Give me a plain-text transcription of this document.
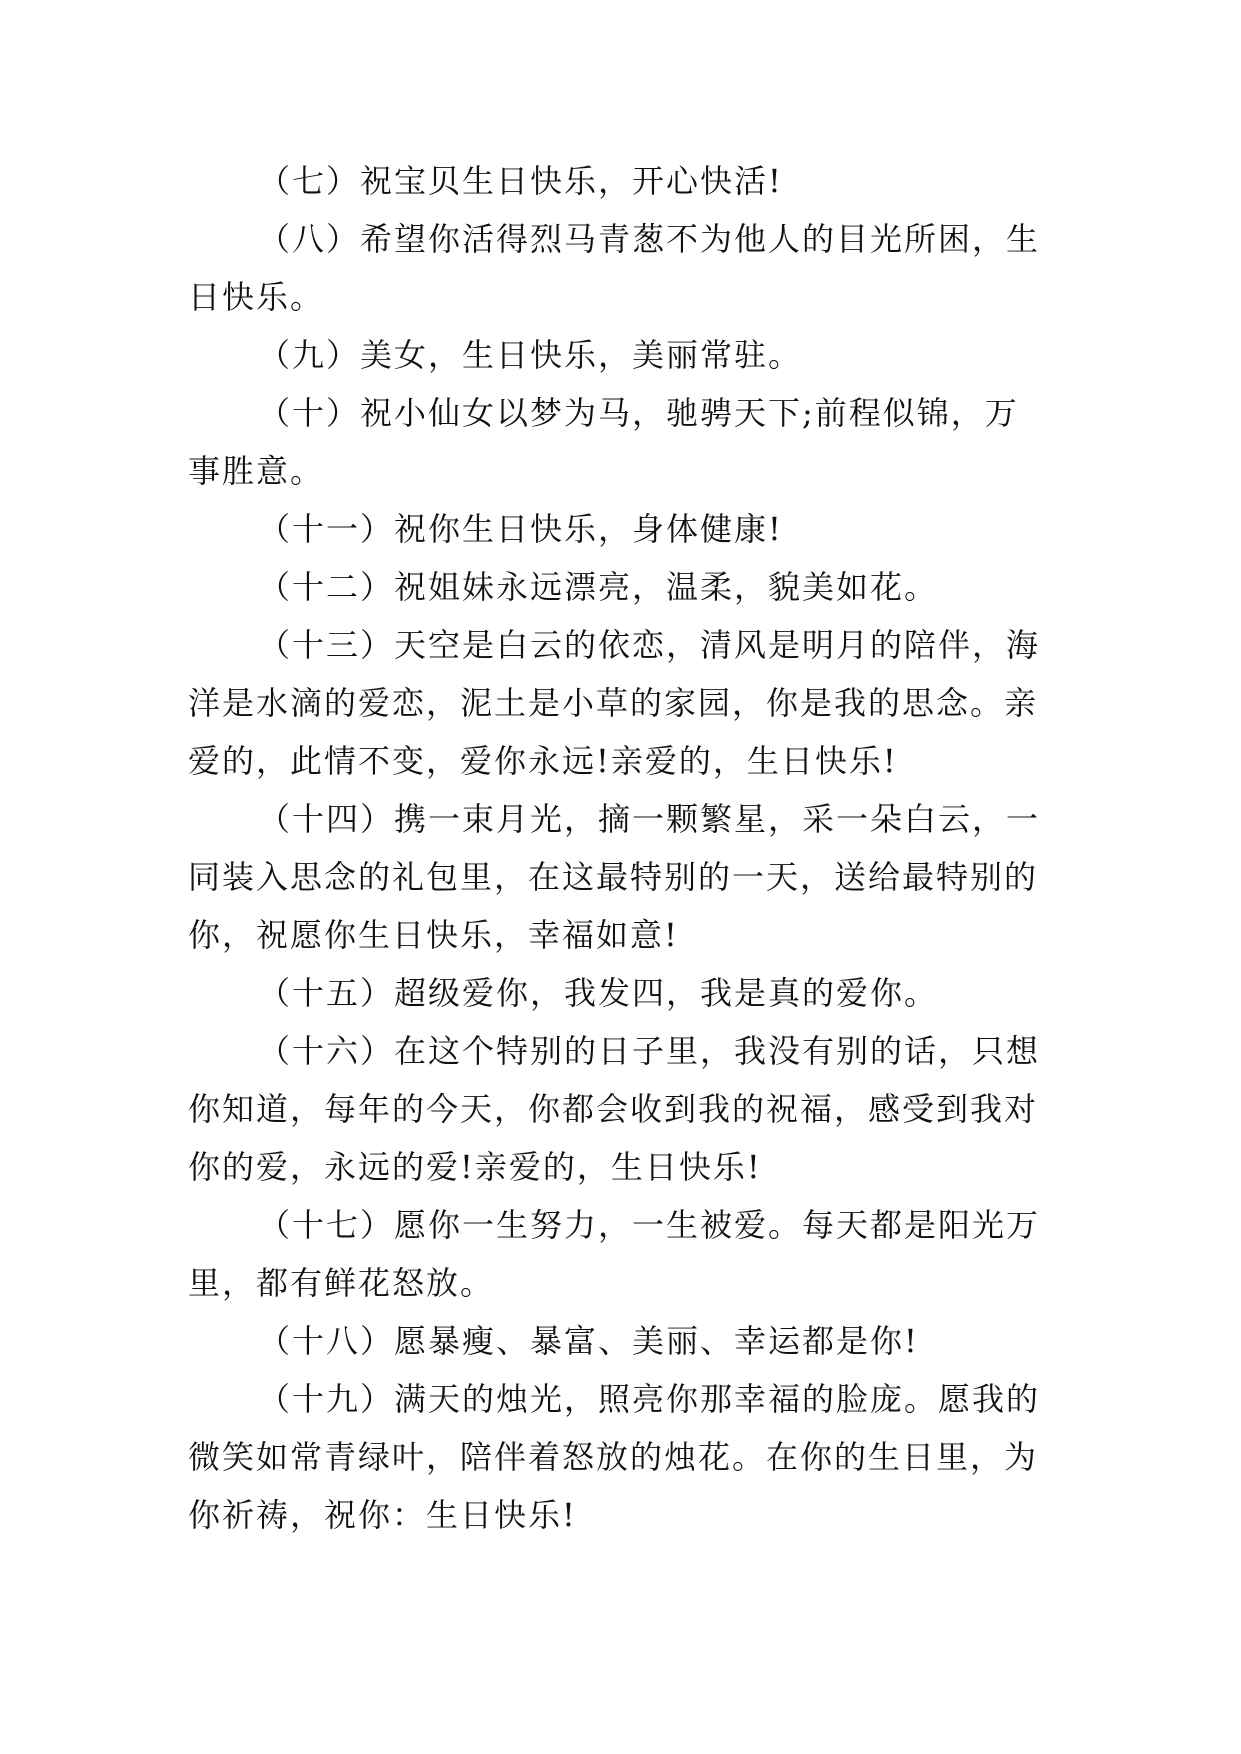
（七）祝宝贝生日快乐，开心快活!

（八）希望你活得烈马青葱不为他人的目光所困，生日快乐。

（九）美女，生日快乐，美丽常驻。

（十）祝小仙女以梦为马，驰骋天下;前程似锦，万事胜意。

（十一）祝你生日快乐，身体健康!

（十二）祝姐妹永远漂亮，温柔，貌美如花。

（十三）天空是白云的依恋，清风是明月的陪伴，海洋是水滴的爱恋，泥土是小草的家园，你是我的思念。亲爱的，此情不变，爱你永远!亲爱的，生日快乐!

（十四）携一束月光，摘一颗繁星，采一朵白云，一同装入思念的礼包里，在这最特别的一天，送给最特别的你，祝愿你生日快乐，幸福如意!

（十五）超级爱你，我发四，我是真的爱你。

（十六）在这个特别的日子里，我没有别的话，只想你知道，每年的今天，你都会收到我的祝福，感受到我对你的爱，永远的爱!亲爱的，生日快乐!

（十七）愿你一生努力，一生被爱。每天都是阳光万里，都有鲜花怒放。

（十八）愿暴瘦、暴富、美丽、幸运都是你!

（十九）满天的烛光，照亮你那幸福的脸庞。愿我的微笑如常青绿叶，陪伴着怒放的烛花。在你的生日里，为你祈祷，祝你：生日快乐!
